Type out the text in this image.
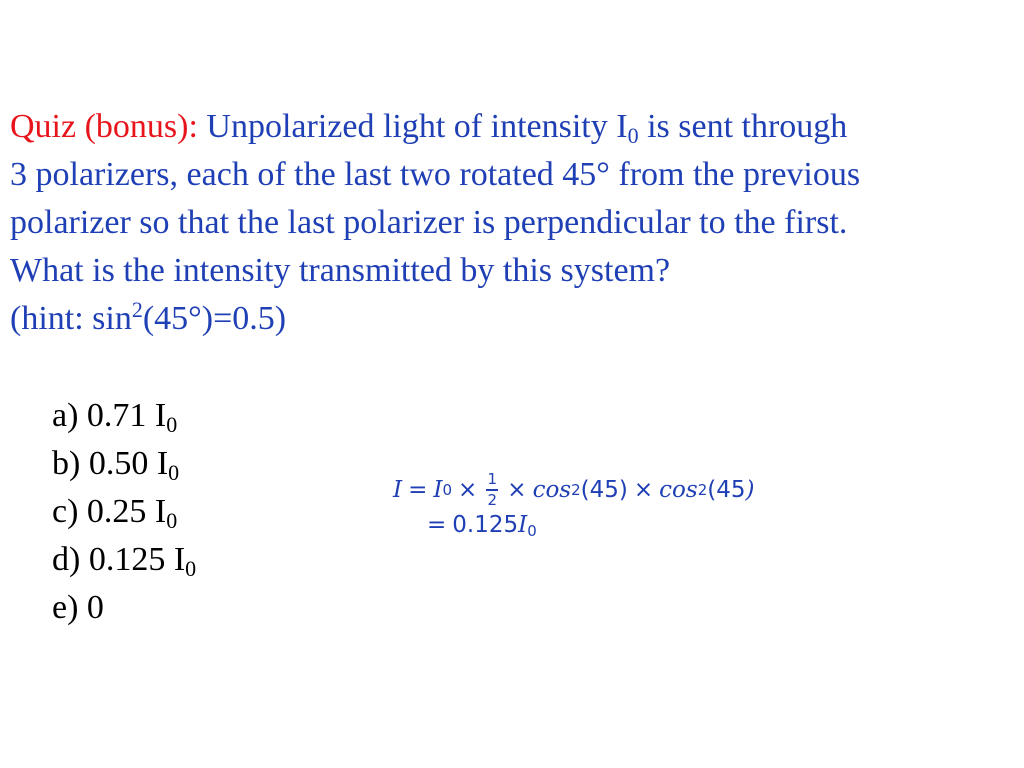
Quiz (bonus): Unpolarized light of intensity $I_0$ is sent through
3 polarizers, each of the last two rotated 45° from the previous
polarizer so that the last polarizer is perpendicular to the first.
What is the intensity transmitted by this system?
(hint: $\sin^2(45^\circ)=0.5$)
a) 0.71 $I_0$
b) 0.50 $I_0$
c) 0.25 $I_0$
d) 0.125 $I_0$
e) 0
I = I $0 \times \frac{1}{2} \times \cos 2$ (45) × cos 2 (45 )
= $0.125I_0$
